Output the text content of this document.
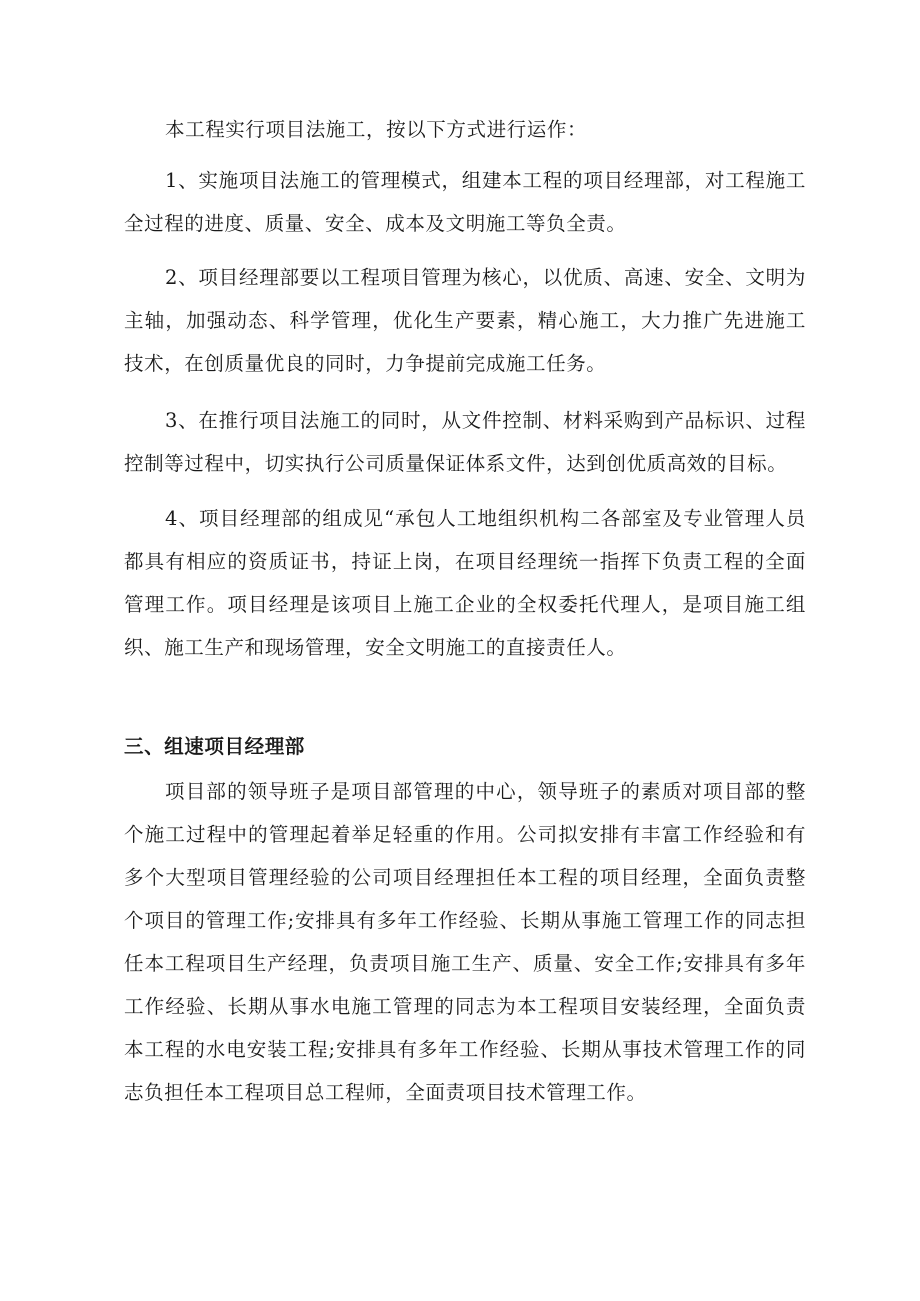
本工程实行项目法施工，按以下方式进行运作：

1、实施项目法施工的管理模式，组建本工程的项目经理部，对工程施工全过程的进度、质量、安全、成本及文明施工等负全责。

2、项目经理部要以工程项目管理为核心，以优质、高速、安全、文明为主轴，加强动态、科学管理，优化生产要素，精心施工，大力推广先进施工技术，在创质量优良的同时，力争提前完成施工任务。

3、在推行项目法施工的同时，从文件控制、材料采购到产品标识、过程控制等过程中，切实执行公司质量保证体系文件，达到创优质高效的目标。

4、项目经理部的组成见“承包人工地组织机构二各部室及专业管理人员都具有相应的资质证书，持证上岗，在项目经理统一指挥下负责工程的全面管理工作。项目经理是该项目上施工企业的全权委托代理人，是项目施工组织、施工生产和现场管理，安全文明施工的直接责任人。

三、组速项目经理部

项目部的领导班子是项目部管理的中心，领导班子的素质对项目部的整个施工过程中的管理起着举足轻重的作用。公司拟安排有丰富工作经验和有多个大型项目管理经验的公司项目经理担任本工程的项目经理，全面负责整个项目的管理工作;安排具有多年工作经验、长期从事施工管理工作的同志担任本工程项目生产经理，负责项目施工生产、质量、安全工作;安排具有多年工作经验、长期从事水电施工管理的同志为本工程项目安装经理，全面负责本工程的水电安装工程;安排具有多年工作经验、长期从事技术管理工作的同志负担任本工程项目总工程师，全面责项目技术管理工作。
